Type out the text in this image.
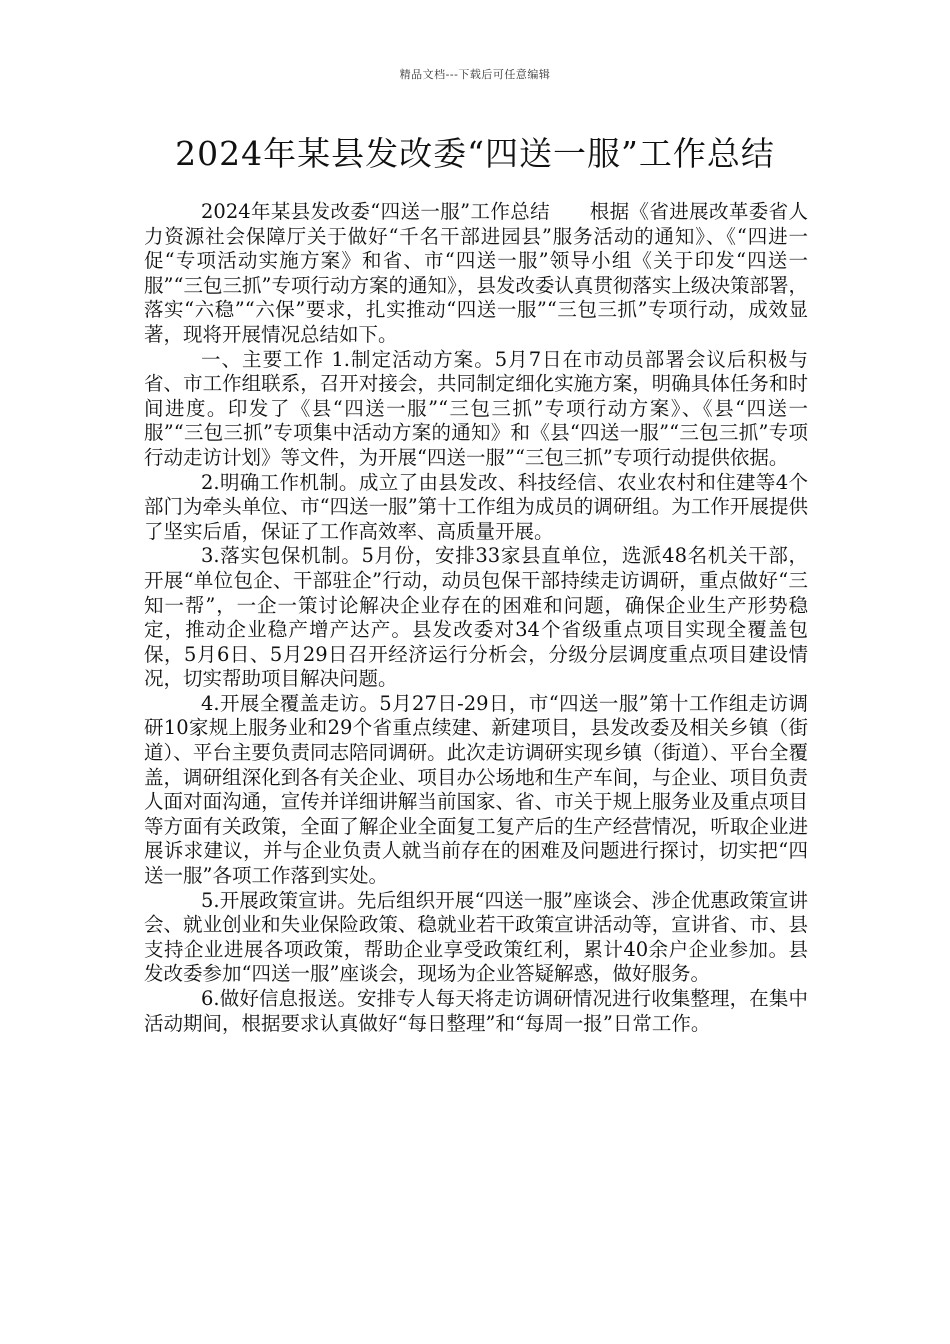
精品文档---下载后可任意编辑
2024年某县发改委“四送一服”工作总结

2024年某县发改委“四送一服”工作总结　　根据《省进展改革委省人力资源社会保障厅关于做好“千名干部进园县”服务活动的通知》、《“四进一促“专项活动实施方案》和省、市“四送一服”领导小组《关于印发“四送一服”“三包三抓”专项行动方案的通知》，县发改委认真贯彻落实上级决策部署，落实“六稳”“六保”要求，扎实推动“四送一服”“三包三抓”专项行动，成效显著，现将开展情况总结如下。

一、主要工作 1.制定活动方案。5月7日在市动员部署会议后积极与省、市工作组联系，召开对接会，共同制定细化实施方案，明确具体任务和时间进度。印发了《县“四送一服”“三包三抓”专项行动方案》、《县“四送一服”“三包三抓”专项集中活动方案的通知》和《县“四送一服”“三包三抓”专项行动走访计划》等文件，为开展“四送一服”“三包三抓”专项行动提供依据。

2.明确工作机制。成立了由县发改、科技经信、农业农村和住建等4个部门为牵头单位、市“四送一服”第十工作组为成员的调研组。为工作开展提供了坚实后盾，保证了工作高效率、高质量开展。

3.落实包保机制。5月份，安排33家县直单位，选派48名机关干部，开展“单位包企、干部驻企”行动，动员包保干部持续走访调研，重点做好“三知一帮”，一企一策讨论解决企业存在的困难和问题，确保企业生产形势稳定，推动企业稳产增产达产。县发改委对34个省级重点项目实现全覆盖包保，5月6日、5月29日召开经济运行分析会，分级分层调度重点项目建设情况，切实帮助项目解决问题。

4.开展全覆盖走访。5月27日-29日，市“四送一服”第十工作组走访调研10家规上服务业和29个省重点续建、新建项目，县发改委及相关乡镇（街道）、平台主要负责同志陪同调研。此次走访调研实现乡镇（街道）、平台全覆盖，调研组深化到各有关企业、项目办公场地和生产车间，与企业、项目负责人面对面沟通，宣传并详细讲解当前国家、省、市关于规上服务业及重点项目等方面有关政策，全面了解企业全面复工复产后的生产经营情况，听取企业进展诉求建议，并与企业负责人就当前存在的困难及问题进行探讨，切实把“四送一服”各项工作落到实处。

5.开展政策宣讲。先后组织开展“四送一服”座谈会、涉企优惠政策宣讲会、就业创业和失业保险政策、稳就业若干政策宣讲活动等，宣讲省、市、县支持企业进展各项政策，帮助企业享受政策红利，累计40余户企业参加。县发改委参加“四送一服”座谈会，现场为企业答疑解惑，做好服务。

6.做好信息报送。安排专人每天将走访调研情况进行收集整理，在集中活动期间，根据要求认真做好“每日整理”和“每周一报”日常工作。
